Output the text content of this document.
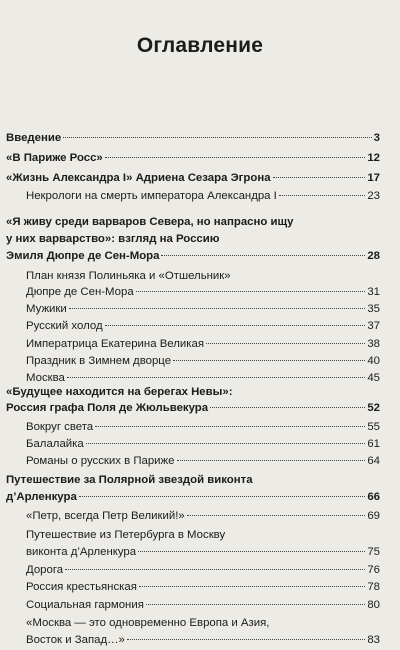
Оглавление
Введение	3
«В Париже Росс»	12
«Жизнь Александра I» Адриена Сезара Эгрона	17
Некрологи на смерть императора Александра I	23
«Я живу среди варваров Севера, но напрасно ищу
у них варварство»: взгляд на Россию
Эмиля Дюпре де Сен-Мора	28
План князя Полиньяка и «Отшельник»
Дюпре де Сен-Мора	31
Мужики	35
Русский холод	37
Императрица Екатерина Великая	38
Праздник в Зимнем дворце	40
Москва	45
«Будущее находится на берегах Невы»:
Россия графа Поля де Жюльвекура	52
Вокруг света	55
Балалайка	61
Романы о русских в Париже	64
Путешествие за Полярной звездой виконта
д’Арленкура	66
«Петр, всегда Петр Великий!»	69
Путешествие из Петербурга в Москву
виконта д’Арленкура	75
Дорога	76
Россия крестьянская	78
Социальная гармония	80
«Москва — это одновременно Европа и Азия,
Восток и Запад…»	83
